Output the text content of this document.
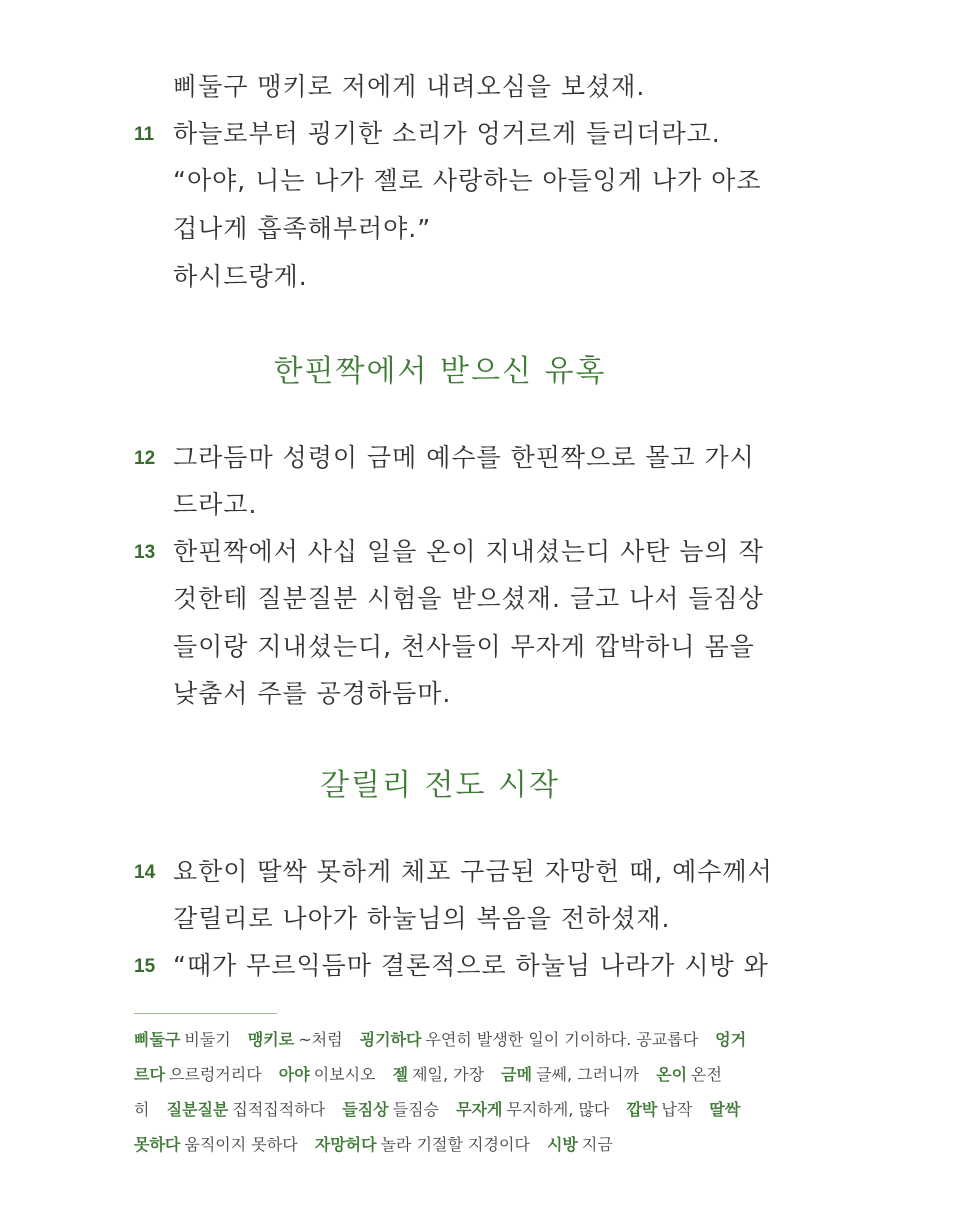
삐둘구 맹키로 저에게 내려오심을 보셨재.
11 하늘로부터 굉기한 소리가 엉거르게 들리더라고.
“아야, 니는 나가 젤로 사랑하는 아들잉게 나가 아조
겁나게 흡족해부러야.”
하시드랑게.
한핀짝에서 받으신 유혹
12 그라듬마 성령이 금메 예수를 한핀짝으로 몰고 가시
드라고.
13 한핀짝에서 사십 일을 온이 지내셨는디 사탄 늠의 작
것한테 질분질분 시험을 받으셨재. 글고 나서 들짐상
들이랑 지내셨는디, 천사들이 무자게 깝박하니 몸을
낮춤서 주를 공경하듬마.
갈릴리 전도 시작
14 요한이 딸싹 못하게 체포 구금된 자망헌 때, 예수께서
갈릴리로 나아가 하눌님의 복음을 전하셨재.
15 “때가 무르익듬마 결론적으로 하눌님 나라가 시방 와
삐둘구 비둘기 맹키로 ~처럼 굉기하다 우연히 발생한 일이 기이하다. 공교롭다 엉거르다 으르렁거리다 아야 이보시오 젤 제일, 가장 금메 글쎄, 그러니까 온이 온전히 질분질분 집적집적하다 들짐상 들짐승 무자게 무지하게, 많다 깝박 납작 딸싹 못하다 움직이지 못하다 자망허다 놀라 기절할 지경이다 시방 지금
